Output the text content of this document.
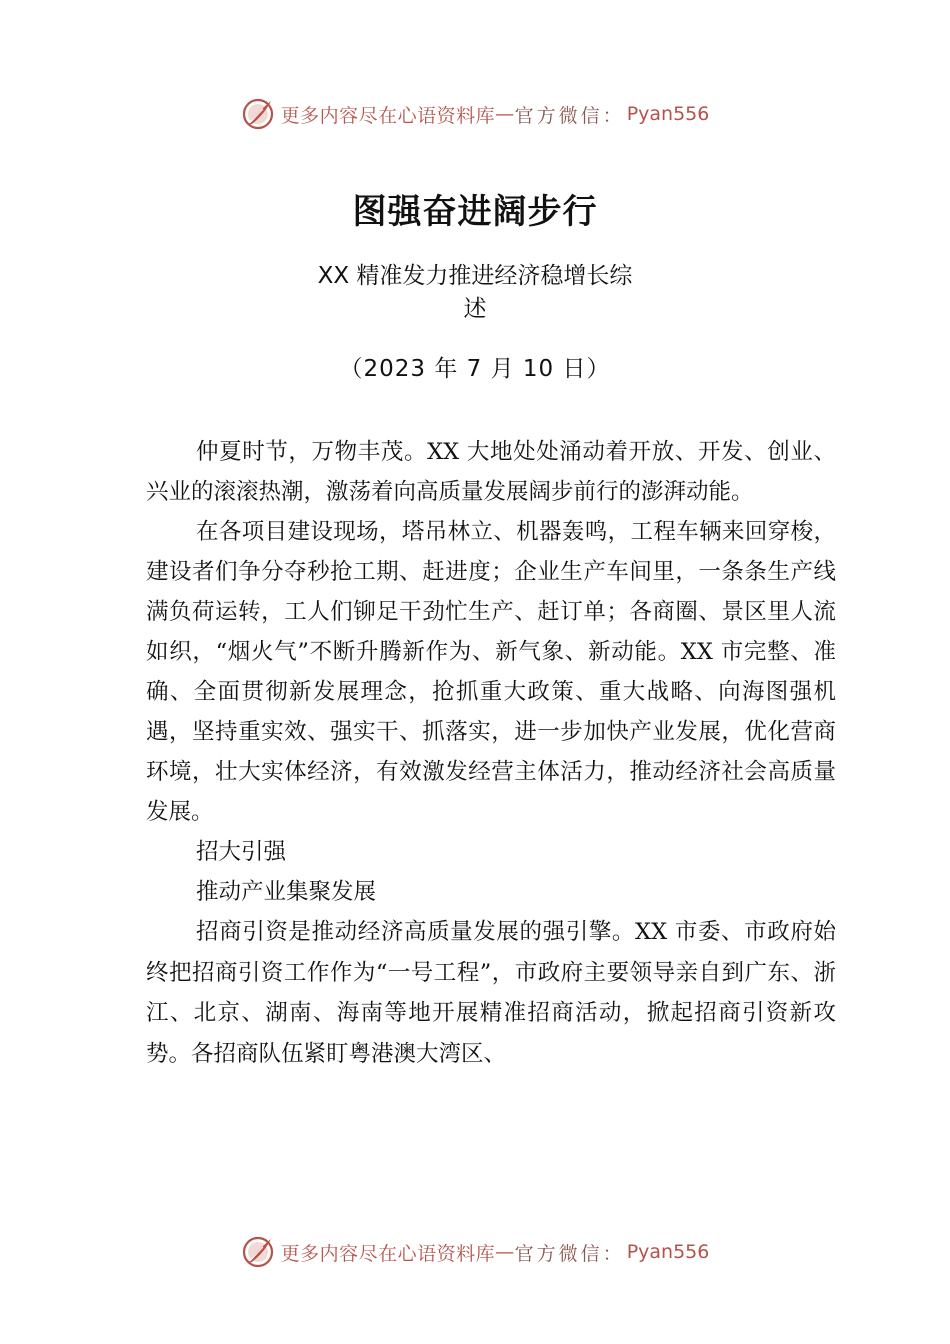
更多内容尽在心语资料库 — 官方微信： Pyan556
图强奋进阔步行
XX 精准发力推进经济稳增长综
述
（2023 年 7 月 10 日）

仲夏时节，万物丰茂。XX 大地处处涌动着开放、开发、创业、兴业的滚滚热潮，激荡着向高质量发展阔步前行的澎湃动能。

在各项目建设现场，塔吊林立、机器轰鸣，工程车辆来回穿梭，建设者们争分夺秒抢工期、赶进度；企业生产车间里，一条条生产线满负荷运转，工人们铆足干劲忙生产、赶订单；各商圈、景区里人流如织，“烟火气”不断升腾新作为、新气象、新动能。XX 市完整、准确、全面贯彻新发展理念，抢抓重大政策、重大战略、向海图强机遇，坚持重实效、强实干、抓落实，进一步加快产业发展，优化营商环境，壮大实体经济，有效激发经营主体活力，推动经济社会高质量发展。

招大引强

推动产业集聚发展

招商引资是推动经济高质量发展的强引擎。XX 市委、市政府始终把招商引资工作作为“一号工程”，市政府主要领导亲自到广东、浙江、北京、湖南、海南等地开展精准招商活动，掀起招商引资新攻势。各招商队伍紧盯粤港澳大湾区、

更多内容尽在心语资料库 — 官方微信： Pyan556
